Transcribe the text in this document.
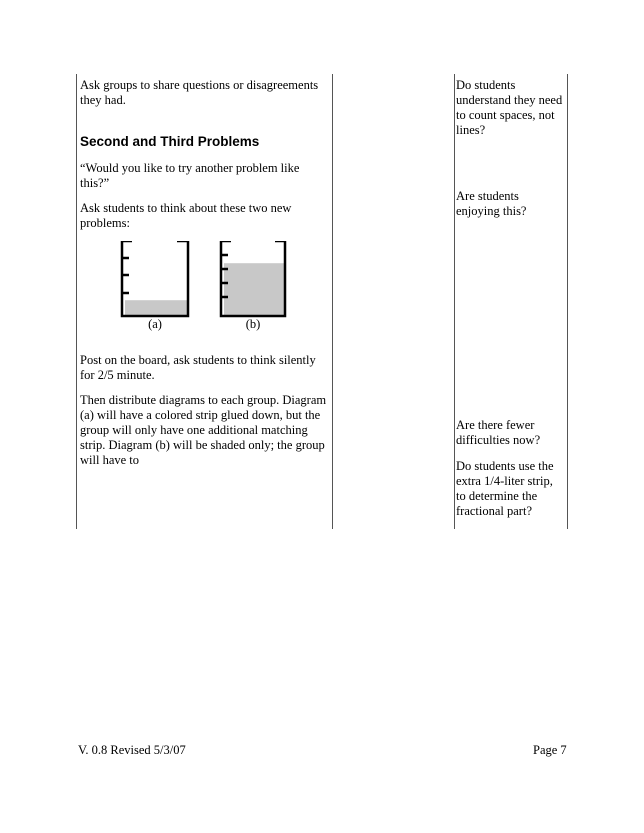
Ask groups to share questions or disagreements they had.

Second and Third Problems

“Would you like to try another problem like this?”

Ask students to think about these two new problems:

(a)	(b)

Post on the board, ask students to think silently for 2/5 minute.

Then distribute diagrams to each group. Diagram (a) will have a colored strip glued down, but the group will only have one additional matching strip. Diagram (b) will be shaded only; the group will have to

Do students understand they need to count spaces, not lines?

Are students enjoying this?

Are there fewer difficulties now?

Do students use the extra 1/4-liter strip, to determine the fractional part?

V. 0.8 Revised 5/3/07	Page 7
